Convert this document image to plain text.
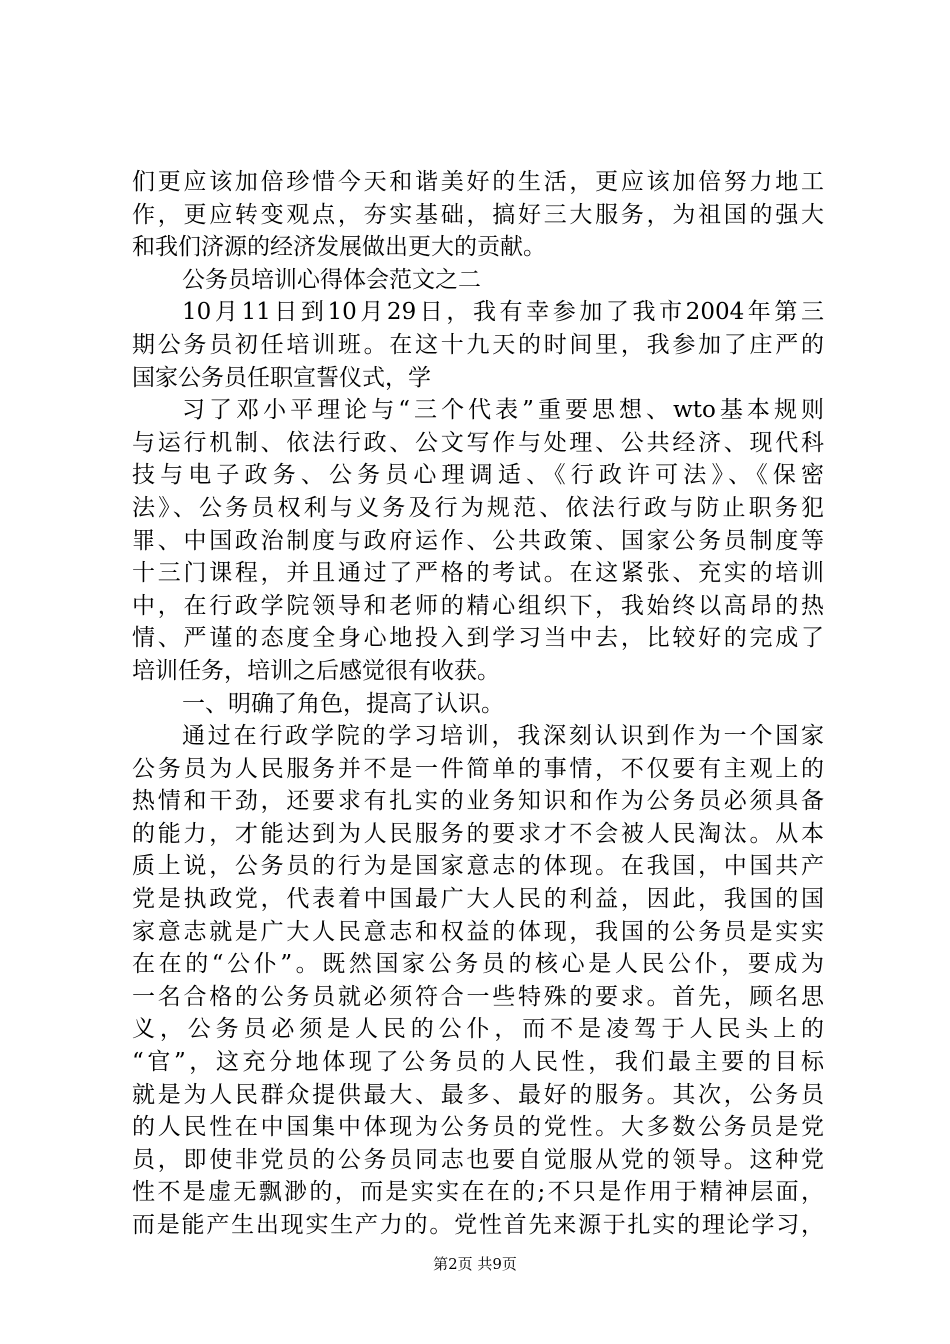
们更应该加倍珍惜今天和谐美好的生活，更应该加倍努力地工
作，更应转变观点，夯实基础，搞好三大服务，为祖国的强大
和我们济源的经济发展做出更大的贡献。
公务员培训心得体会范文之二
10月11日到10月29日，我有幸参加了我市2004年第三
期公务员初任培训班。在这十九天的时间里，我参加了庄严的
国家公务员任职宣誓仪式，学
习了邓小平理论与“三个代表”重要思想、wto基本规则
与运行机制、依法行政、公文写作与处理、公共经济、现代科
技与电子政务、公务员心理调适、《行政许可法》、《保密
法》、公务员权利与义务及行为规范、依法行政与防止职务犯
罪、中国政治制度与政府运作、公共政策、国家公务员制度等
十三门课程，并且通过了严格的考试。在这紧张、充实的培训
中，在行政学院领导和老师的精心组织下，我始终以高昂的热
情、严谨的态度全身心地投入到学习当中去，比较好的完成了
培训任务，培训之后感觉很有收获。
一、明确了角色，提高了认识。
通过在行政学院的学习培训，我深刻认识到作为一个国家
公务员为人民服务并不是一件简单的事情，不仅要有主观上的
热情和干劲，还要求有扎实的业务知识和作为公务员必须具备
的能力，才能达到为人民服务的要求才不会被人民淘汰。从本
质上说，公务员的行为是国家意志的体现。在我国，中国共产
党是执政党，代表着中国最广大人民的利益，因此，我国的国
家意志就是广大人民意志和权益的体现，我国的公务员是实实
在在的“公仆”。既然国家公务员的核心是人民公仆，要成为
一名合格的公务员就必须符合一些特殊的要求。首先，顾名思
义，公务员必须是人民的公仆，而不是凌驾于人民头上的
“官”，这充分地体现了公务员的人民性，我们最主要的目标
就是为人民群众提供最大、最多、最好的服务。其次，公务员
的人民性在中国集中体现为公务员的党性。大多数公务员是党
员，即使非党员的公务员同志也要自觉服从党的领导。这种党
性不是虚无飘渺的，而是实实在在的;不只是作用于精神层面，
而是能产生出现实生产力的。党性首先来源于扎实的理论学习，
第2页 共9页
